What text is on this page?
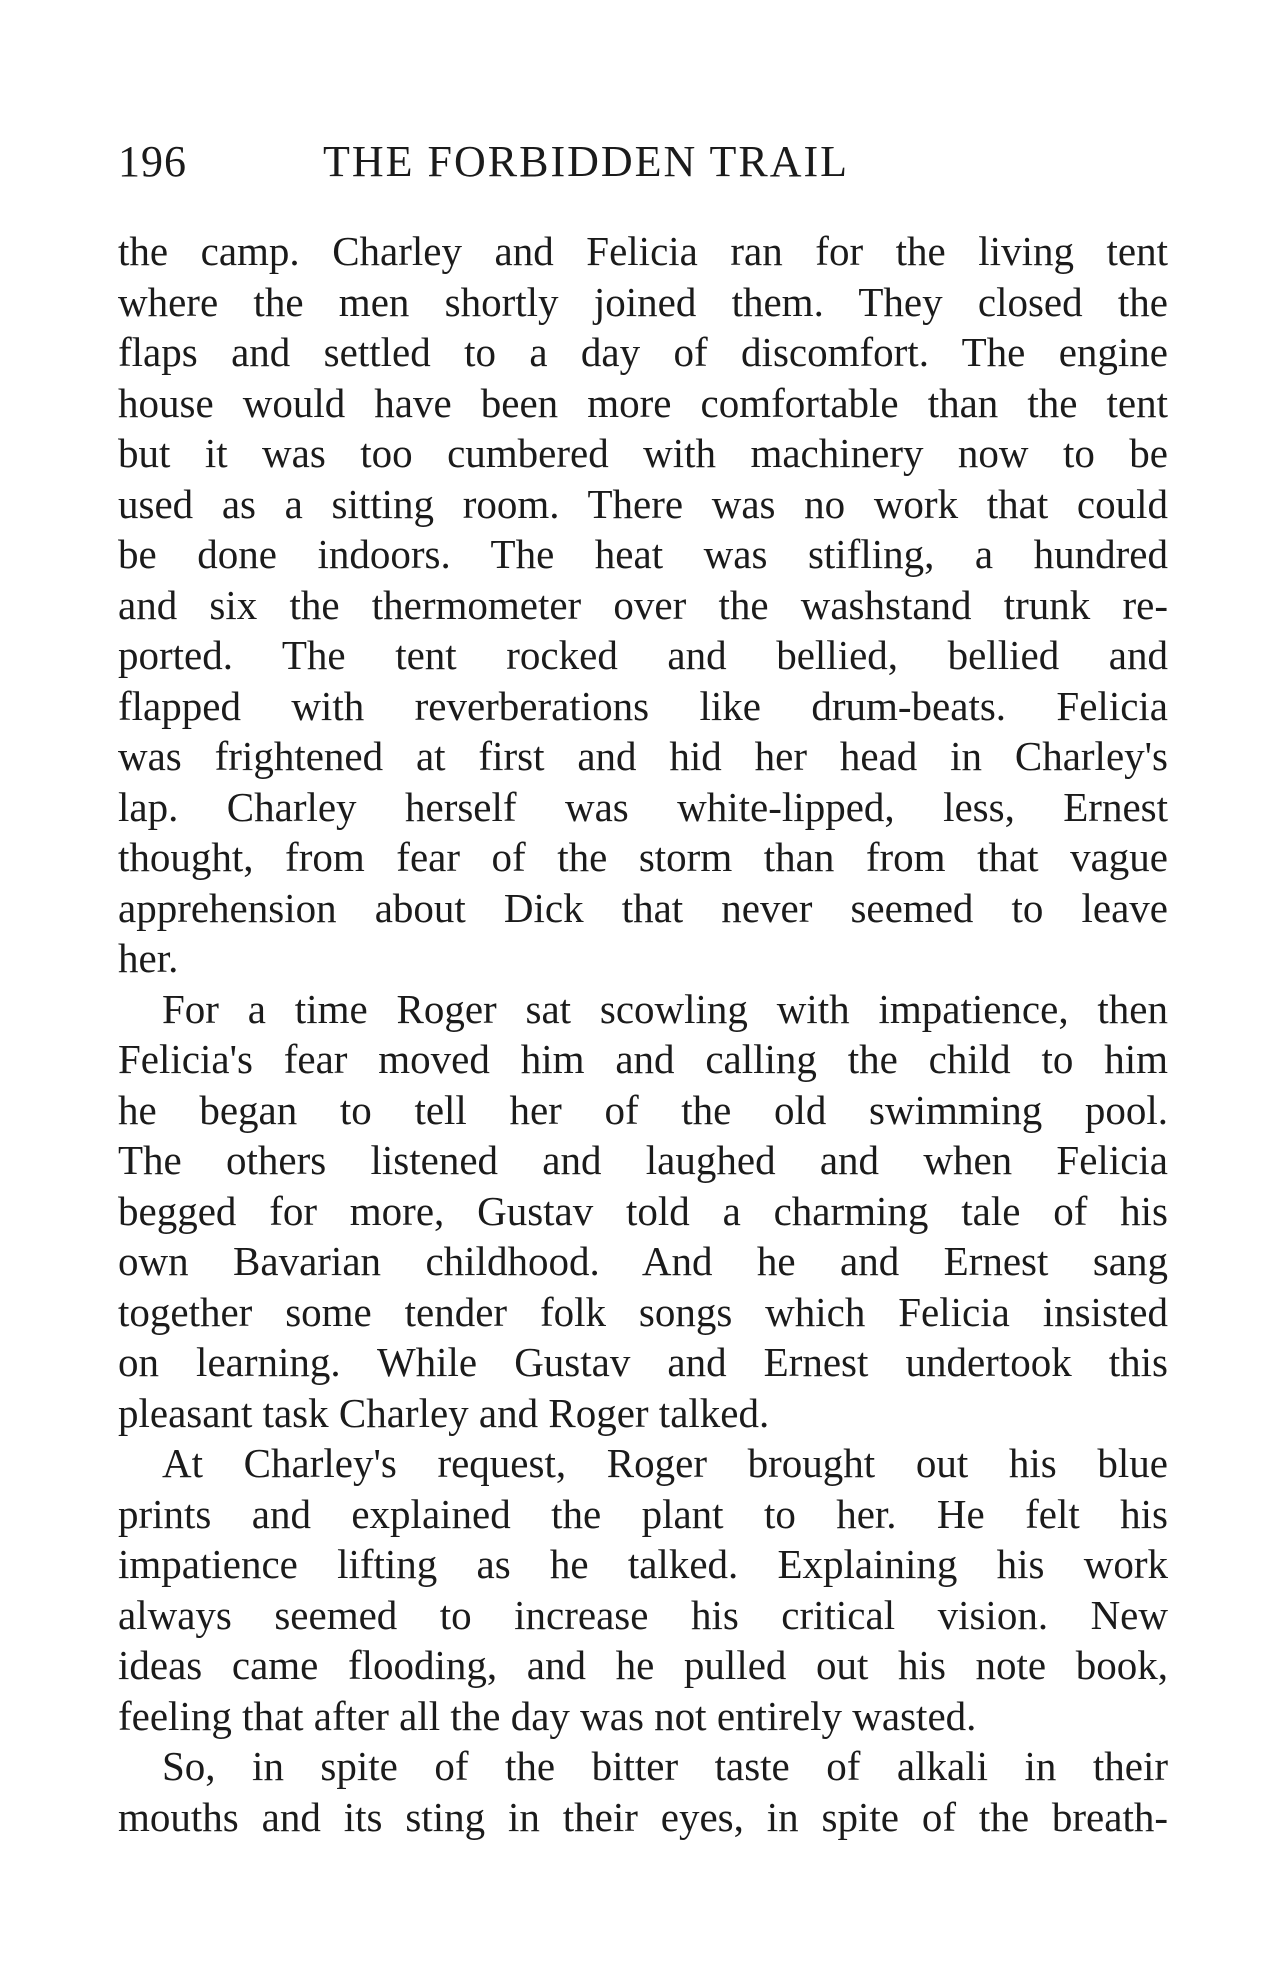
196	THE FORBIDDEN TRAIL
the camp. Charley and Felicia ran for the living tent
where the men shortly joined them. They closed the
flaps and settled to a day of discomfort. The engine
house would have been more comfortable than the tent
but it was too cumbered with machinery now to be
used as a sitting room. There was no work that could
be done indoors. The heat was stifling, a hundred
and six the thermometer over the washstand trunk re-
ported. The tent rocked and bellied, bellied and
flapped with reverberations like drum-beats. Felicia
was frightened at first and hid her head in Charley's
lap. Charley herself was white-lipped, less, Ernest
thought, from fear of the storm than from that vague
apprehension about Dick that never seemed to leave
her.
For a time Roger sat scowling with impatience, then
Felicia's fear moved him and calling the child to him
he began to tell her of the old swimming pool.
The others listened and laughed and when Felicia
begged for more, Gustav told a charming tale of his
own Bavarian childhood. And he and Ernest sang
together some tender folk songs which Felicia insisted
on learning. While Gustav and Ernest undertook this
pleasant task Charley and Roger talked.
At Charley's request, Roger brought out his blue
prints and explained the plant to her. He felt his
impatience lifting as he talked. Explaining his work
always seemed to increase his critical vision. New
ideas came flooding, and he pulled out his note book,
feeling that after all the day was not entirely wasted.
So, in spite of the bitter taste of alkali in their
mouths and its sting in their eyes, in spite of the breath-
